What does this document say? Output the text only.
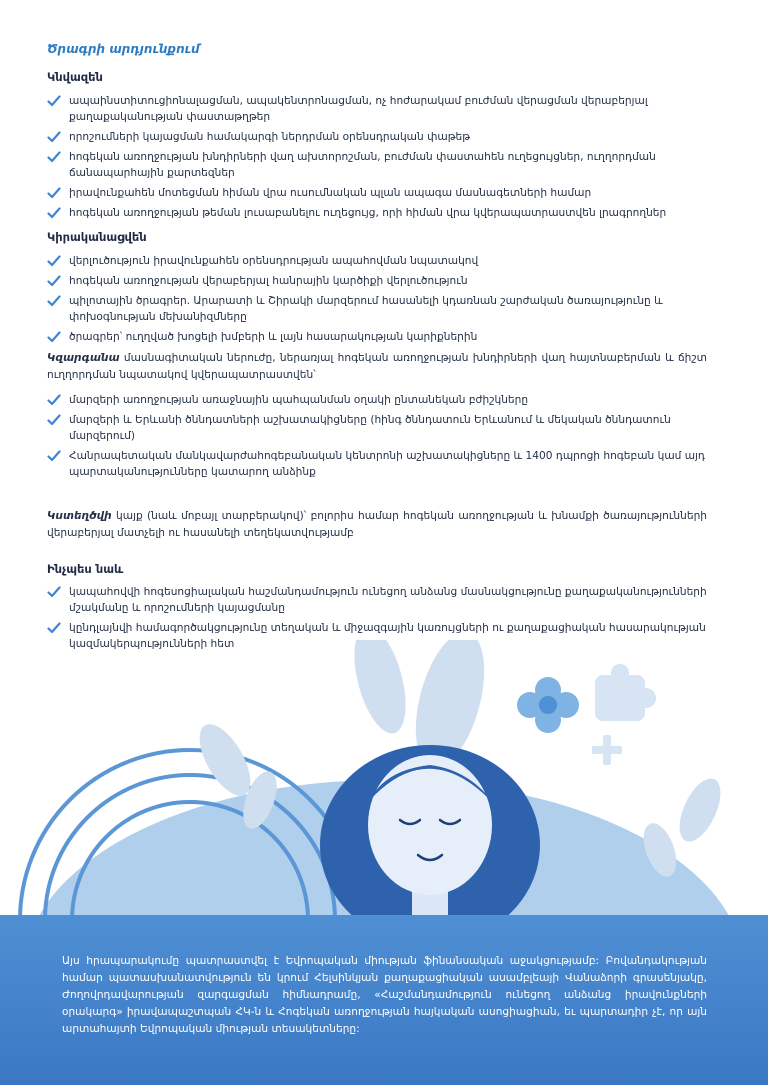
Ծրագրի արդյունքում

Կնվազեն

ապաինստիտուցիոնալացման, ապակենտրոնացման, ոչ հոժարակամ բուժման վերացման վերաբերյալ քաղաքականության փաստաթղթեր
որոշումների կայացման համակարգի ներդրման օրենսդրական փաթեթ
հոգեկան առողջության խնդիրների վաղ ախտորոշման, բուժման փաստահեն ուղեցույցներ, ուղղորդման ճանապարհային քարտեզներ
իրավունքահեն մոտեցման հիման վրա ուսումնական պլան ապագա մասնագետների համար
հոգեկան առողջության թեման լուսաբանելու ուղեցույց, որի հիման վրա կվերապատրաստվեն լրագրողներ

Կիրականացվեն

վերլուծություն իրավունքահեն օրենսդրության ապահովման նպատակով
հոգեկան առողջության վերաբերյալ հանրային կարծիքի վերլուծություն
պիլոտային ծրագրեր. Արարատի և Շիրակի մարզերում հասանելի կդառնան շարժական ծառայությունը և փոխօգնության մեխանիզմները
ծրագրեր՝ ուղղված խոցելի խմբերի և լայն հասարակության կարիքներին

Կզարգանա մասնագիտական ներուժը, ներառյալ հոգեկան առողջության խնդիրների վաղ հայտնաբերման և ճիշտ ուղղորդման նպատակով կվերապատրաստվեն՝

մարզերի առողջության առաջնային պահպանման օղակի ընտանեկան բժիշկները
մարզերի և Երևանի ծննդատների աշխատակիցները (հինգ ծննդատուն Երևանում և մեկական ծննդատուն մարզերում)
Հանրապետական մանկավարժահոգեբանական կենտրոնի աշխատակիցները և 1400 դպրոցի հոգեբան կամ այդ պարտականությունները կատարող անձինք

Կստեղծվի կայք (նաև մոբայլ տարբերակով)՝ բոլորիս համար հոգեկան առողջության և խնամքի ծառայությունների վերաբերյալ մատչելի ու հասանելի տեղեկատվությամբ

Ինչպես նաև

կապահովվի հոգեսոցիալական հաշմանդամություն ունեցող անձանց մասնակցությունը քաղաքականությունների մշակմանը և որոշումների կայացմանը
կընդլայնվի համագործակցությունը տեղական և միջազգային կառույցների ու քաղաքացիական հասարակության կազմակերպությունների հետ

Այս հրապարակումը պատրաստվել է Եվրոպական միության ֆինանսական աջակցությամբ: Բովանդակության համար պատասխանատվություն են կրում Հելսինկյան քաղաքացիական ասամբլեայի Վանաձորի գրասենյակը, Ժողովրդավարության զարգացման հիմնադրամը, «Հաշմանդամություն ունեցող անձանց իրավունքների օրակարգ» իրավապաշտպան ՀԿ-ն և Հոգեկան առողջության հայկական ասոցիացիան, եւ պարտադիր չէ, որ այն արտահայտի Եվրոպական միության տեսակետները:
